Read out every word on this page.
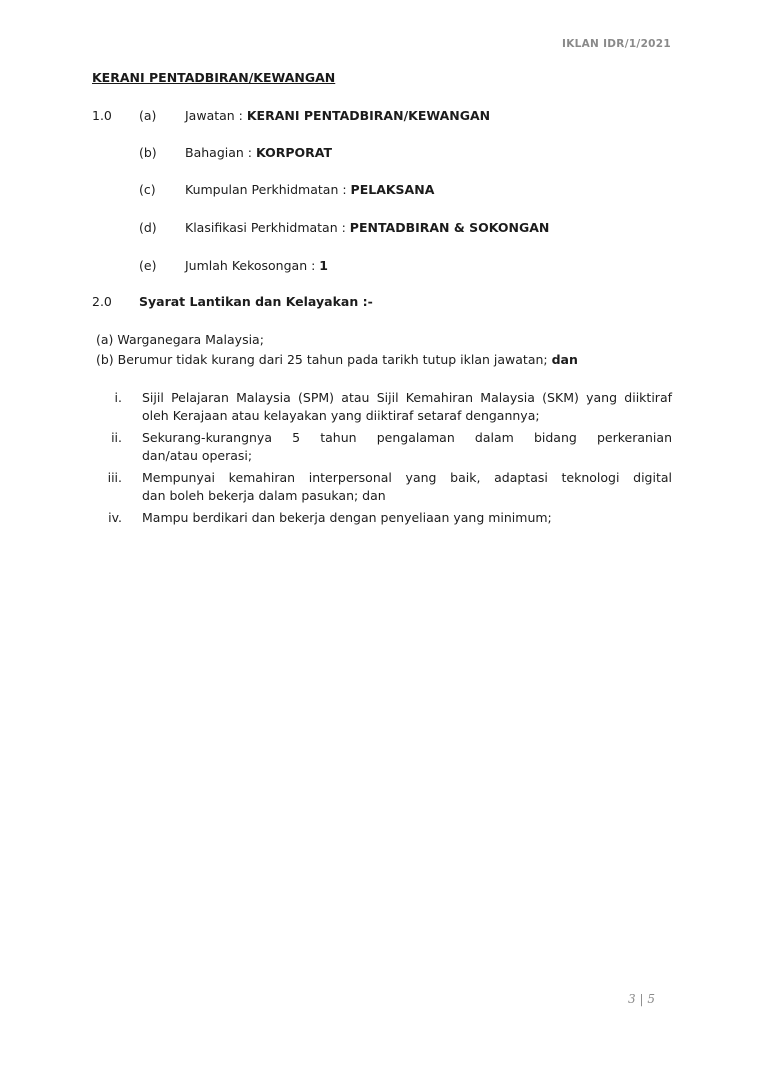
IKLAN IDR/1/2021
KERANI PENTADBIRAN/KEWANGAN
1.0 (a) Jawatan : KERANI PENTADBIRAN/KEWANGAN
(b) Bahagian : KORPORAT
(c) Kumpulan Perkhidmatan : PELAKSANA
(d) Klasifikasi Perkhidmatan : PENTADBIRAN & SOKONGAN
(e) Jumlah Kekosongan : 1
2.0 Syarat Lantikan dan Kelayakan :-
(a) Warganegara Malaysia;
(b) Berumur tidak kurang dari 25 tahun pada tarikh tutup iklan jawatan; dan
i. Sijil Pelajaran Malaysia (SPM) atau Sijil Kemahiran Malaysia (SKM) yang diiktiraf
oleh Kerajaan atau kelayakan yang diiktiraf setaraf dengannya;
ii. Sekurang-kurangnya 5 tahun pengalaman dalam bidang perkeranian
dan/atau operasi;
iii. Mempunyai kemahiran interpersonal yang baik, adaptasi teknologi digital
dan boleh bekerja dalam pasukan; dan
iv. Mampu berdikari dan bekerja dengan penyeliaan yang minimum;
3 | 5
